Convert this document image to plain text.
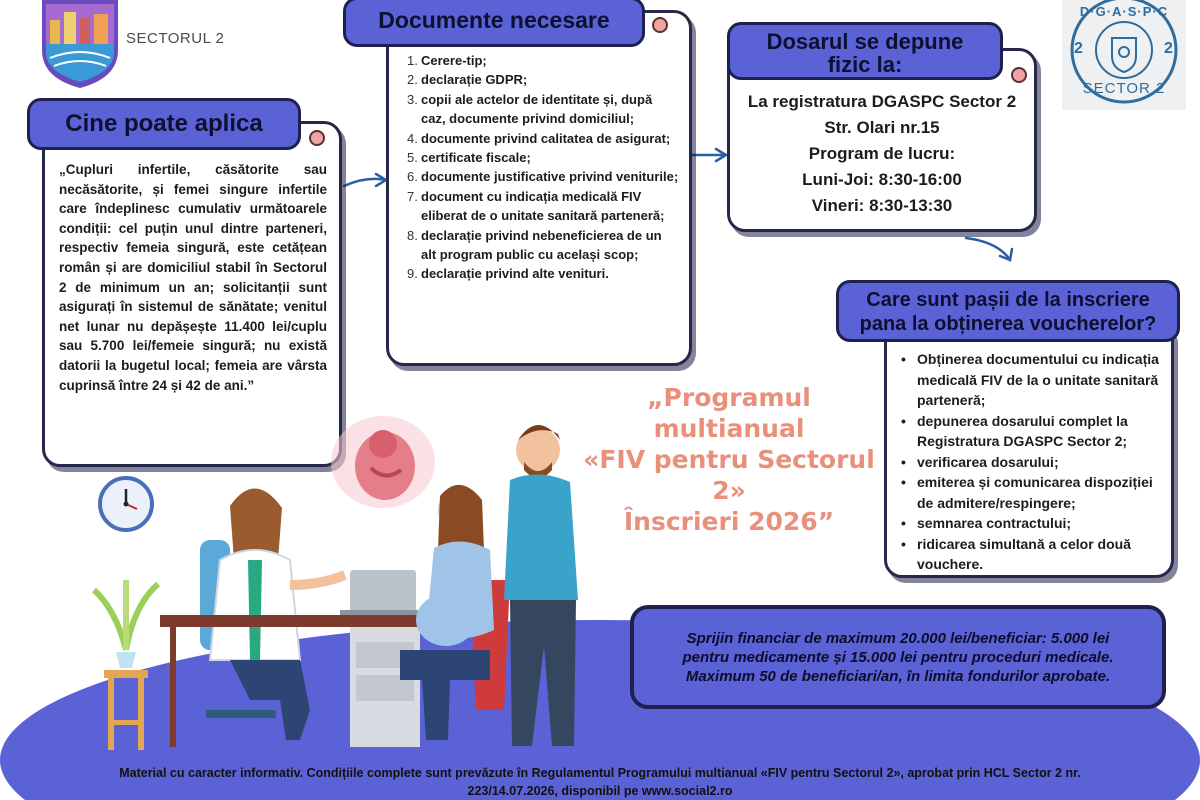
SECTORUL 2
D·G·A·S·P·C
2	2
SECTOR 2
Cine poate aplica
„Cupluri infertile, căsătorite sau necăsătorite, și femei singure infertile care îndeplinesc cumulativ următoarele condiții: cel puțin unul dintre parteneri, respectiv femeia singură, este cetățean român și are domiciliul stabil în Sectorul 2 de minimum un an; solicitanții sunt asigurați în sistemul de sănătate; venitul net lunar nu depășește 11.400 lei/cuplu sau 5.700 lei/femeie singură; nu există datorii la bugetul local; femeia are vârsta cuprinsă între 24 și 42 de ani.”
Documente necesare
1. Cerere-tip;
2. declarație GDPR;
3. copii ale actelor de identitate și, după caz, documente privind domiciliul;
4. documente privind calitatea de asigurat;
5. certificate fiscale;
6. documente justificative privind veniturile;
7. document cu indicația medicală FIV eliberat de o unitate sanitară parteneră;
8. declarație privind nebeneficierea de un alt program public cu același scop;
9. declarație privind alte venituri.
Dosarul se depune
fizic la:
La registratura DGASPC Sector 2
Str. Olari nr.15
Program de lucru:
Luni-Joi: 8:30-16:00
Vineri: 8:30-13:30
Care sunt pașii de la inscriere
pana la obținerea voucherelor?
• Obținerea documentului cu indicația medicală FIV de la o unitate sanitară parteneră;
• depunerea dosarului complet la Registratura DGASPC Sector 2;
• verificarea dosarului;
• emiterea și comunicarea dispoziției de admitere/respingere;
• semnarea contractului;
• ridicarea simultană a celor două vouchere.
„Programul multianual
«FIV pentru Sectorul 2»
Înscrieri 2026”
Sprijin financiar de maximum 20.000 lei/beneficiar: 5.000 lei
pentru medicamente și 15.000 lei pentru proceduri medicale.
Maximum 50 de beneficiari/an, în limita fondurilor aprobate.
Material cu caracter informativ. Condițiile complete sunt prevăzute în Regulamentul Programului multianual «FIV pentru Sectorul 2», aprobat prin HCL Sector 2 nr.
223/14.07.2026, disponibil pe www.social2.ro
